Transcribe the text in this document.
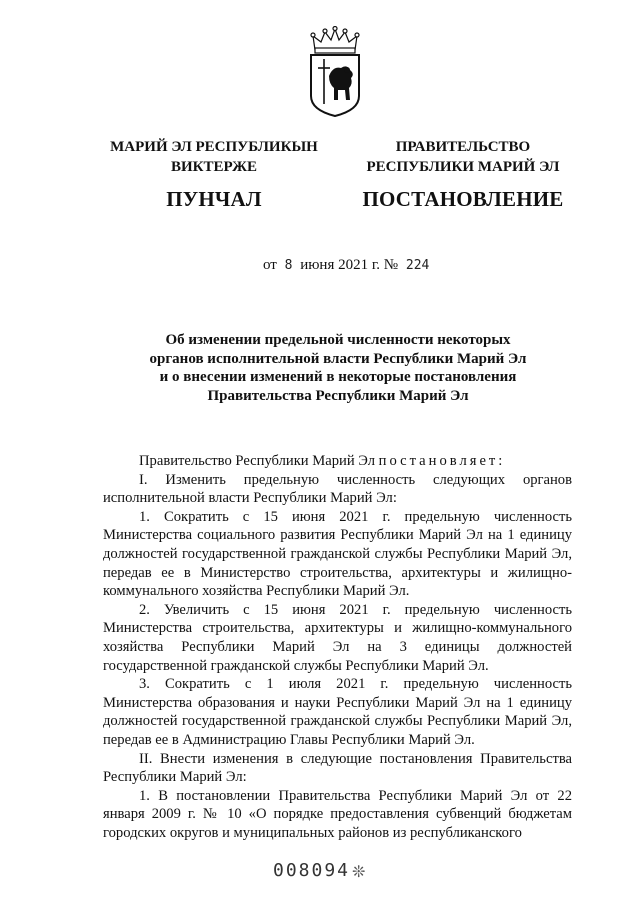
МАРИЙ ЭЛ РЕСПУБЛИКЫН
ВИКТЕРЖЕ
ПУНЧАЛ
ПРАВИТЕЛЬСТВО
РЕСПУБЛИКИ МАРИЙ ЭЛ
ПОСТАНОВЛЕНИЕ
от 8 июня 2021 г. № 224
Об изменении предельной численности некоторых
органов исполнительной власти Республики Марий Эл
и о внесении изменений в некоторые постановления
Правительства Республики Марий Эл
Правительство Республики Марий Эл постановляет:
I. Изменить предельную численность следующих органов исполнительной власти Республики Марий Эл:
1. Сократить с 15 июня 2021 г. предельную численность Министерства социального развития Республики Марий Эл на 1 единицу должностей государственной гражданской службы Республики Марий Эл, передав ее в Министерство строительства, архитектуры и жилищно-коммунального хозяйства Республики Марий Эл.
2. Увеличить с 15 июня 2021 г. предельную численность Министерства строительства, архитектуры и жилищно-коммунального хозяйства Республики Марий Эл на 3 единицы должностей государственной гражданской службы Республики Марий Эл.
3. Сократить с 1 июля 2021 г. предельную численность Министерства образования и науки Республики Марий Эл на 1 единицу должностей государственной гражданской службы Республики Марий Эл, передав ее в Администрацию Главы Республики Марий Эл.
II. Внести изменения в следующие постановления Правительства Республики Марий Эл:
1. В постановлении Правительства Республики Марий Эл от 22 января 2009 г. № 10 «О порядке предоставления субвенций бюджетам городских округов и муниципальных районов из республиканского
008094 ❊
